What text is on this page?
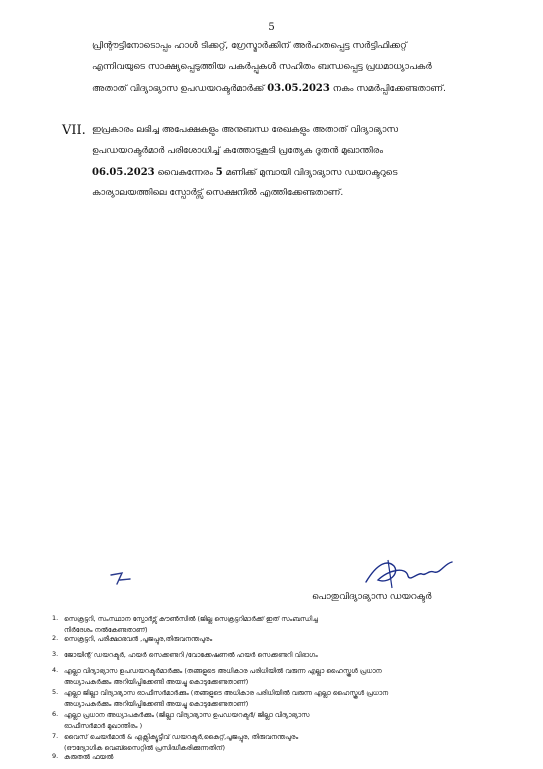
5
പ്രിന്റൗട്ടിനോടൊപ്പം ഹാൾ ടിക്കറ്റ്, ഗ്രേസ്മാർക്കിന് അർഹതപ്പെട്ട സർട്ടിഫിക്കറ്റ്
എന്നിവയുടെ സാക്ഷ്യപ്പെടുത്തിയ പകർപ്പുകൾ സഹിതം ബന്ധപ്പെട്ട പ്രധമാധ്യാപകർ
അതാത് വിദ്യാഭ്യാസ ഉപഡയറക്ടർമാർക്ക് 03.05.2023 നകം സമർപ്പിക്കേണ്ടതാണ്.
VII. ഇപ്രകാരം ലഭിച്ച അപേക്ഷകളും അനുബന്ധ രേഖകളും അതാത് വിദ്യാഭ്യാസ
ഉപഡയറക്ടർമാർ പരിശോധിച്ച് കത്തോടുകൂടി പ്രത്യേക ദൂതൻ മുഖാന്തിരം
06.05.2023 വൈകുന്നേരം 5 മണിക്ക് മുമ്പായി വിദ്യാഭ്യാസ ഡയറക്ടറുടെ
കാര്യാലയത്തിലെ സ്പോർട്സ് സെക്ഷനിൽ എത്തിക്കേണ്ടതാണ്.
പൊതുവിദ്യാഭ്യാസ ഡയറക്ടർ
1. സെക്രട്ടറി, സംസ്ഥാന സ്പോർട്സ് കൗൺസിൽ (ജില്ല സെക്രട്ടറിമാർക്ക് ഇത് സംബന്ധിച്ച
നിർദേശം നൽകേണ്ടതാണ്)
2. സെക്രട്ടറി, പരീക്ഷാഭവൻ ,പൂജപ്പുര,തിരുവനന്തപുരം
3. ജോയിന്റ് ഡയറക്ടർ, ഹയർ സെക്കണ്ടറി /വോക്കേഷണൽ ഹയർ സെക്കണ്ടറി വിഭാഗം
4. എല്ലാ വിദ്യാഭ്യാസ ഉപഡയറക്ടർമാർക്കും (തങ്ങളുടെ അധികാര പരിധിയിൽ വരുന്ന എല്ലാ ഹൈസ്കൂൾ പ്രധാന
അധ്യാപകർക്കും അറിയിപ്പിക്കേണ്ടി അയച്ചു കൊടുക്കേണ്ടതാണ്)
5. എല്ലാ ജില്ലാ വിദ്യാഭ്യാസ ഓഫീസർമാർക്കും (തങ്ങളുടെ അധികാര പരിധിയിൽ വരുന്ന എല്ലാ ഹൈസ്കൂൾ പ്രധാന
അധ്യാപകർക്കും അറിയിപ്പിക്കേണ്ടി അയച്ചു കൊടുക്കേണ്ടതാണ്)
6. എല്ലാ പ്രധാന അധ്യാപകർക്കും (ജില്ലാ വിദ്യാഭ്യാസ ഉപഡയറക്ടർ/ ജില്ലാ വിദ്യാഭ്യാസ
ഓഫീസർമാർ മുഖാന്തിരം )
7. വൈസ് ചെയർമാൻ & എക്സിക്യൂട്ടീവ് ഡയറക്ടർ,കൈറ്റ്,പൂജപ്പുര, തിരുവനന്തപുരം
(ഔദ്യോഗിക വെബ്സൈറ്റിൽ പ്രസിദ്ധീകരിക്കുന്നതിന്)
9. കരുതൽ ഫയൽ
